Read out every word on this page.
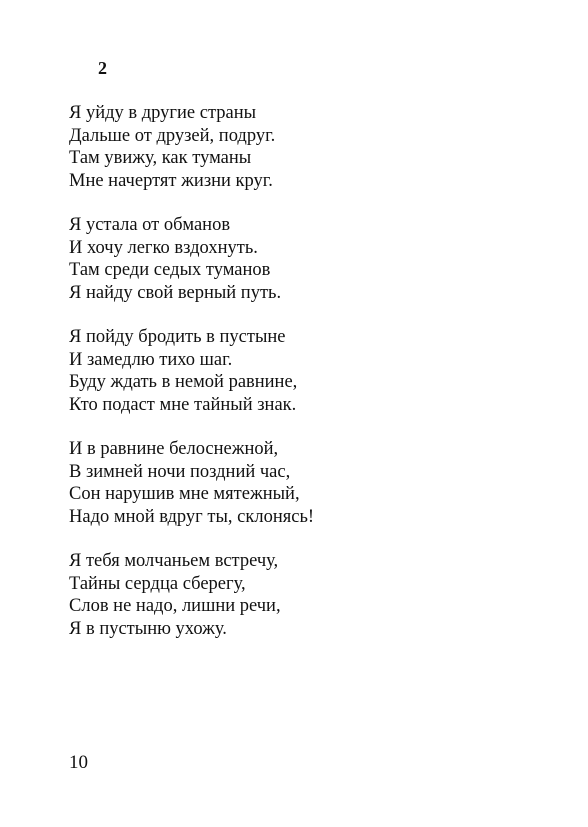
2
Я уйду в другие страны
Дальше от друзей, подруг.
Там увижу, как туманы
Мне начертят жизни круг.
Я устала от обманов
И хочу легко вздохнуть.
Там среди седых туманов
Я найду свой верный путь.
Я пойду бродить в пустыне
И замедлю тихо шаг.
Буду ждать в немой равнине,
Кто подаст мне тайный знак.
И в равнине белоснежной,
В зимней ночи поздний час,
Сон нарушив мне мятежный,
Надо мной вдруг ты, склонясь!
Я тебя молчаньем встречу,
Тайны сердца сберегу,
Слов не надо, лишни речи,
Я в пустыню ухожу.
10
